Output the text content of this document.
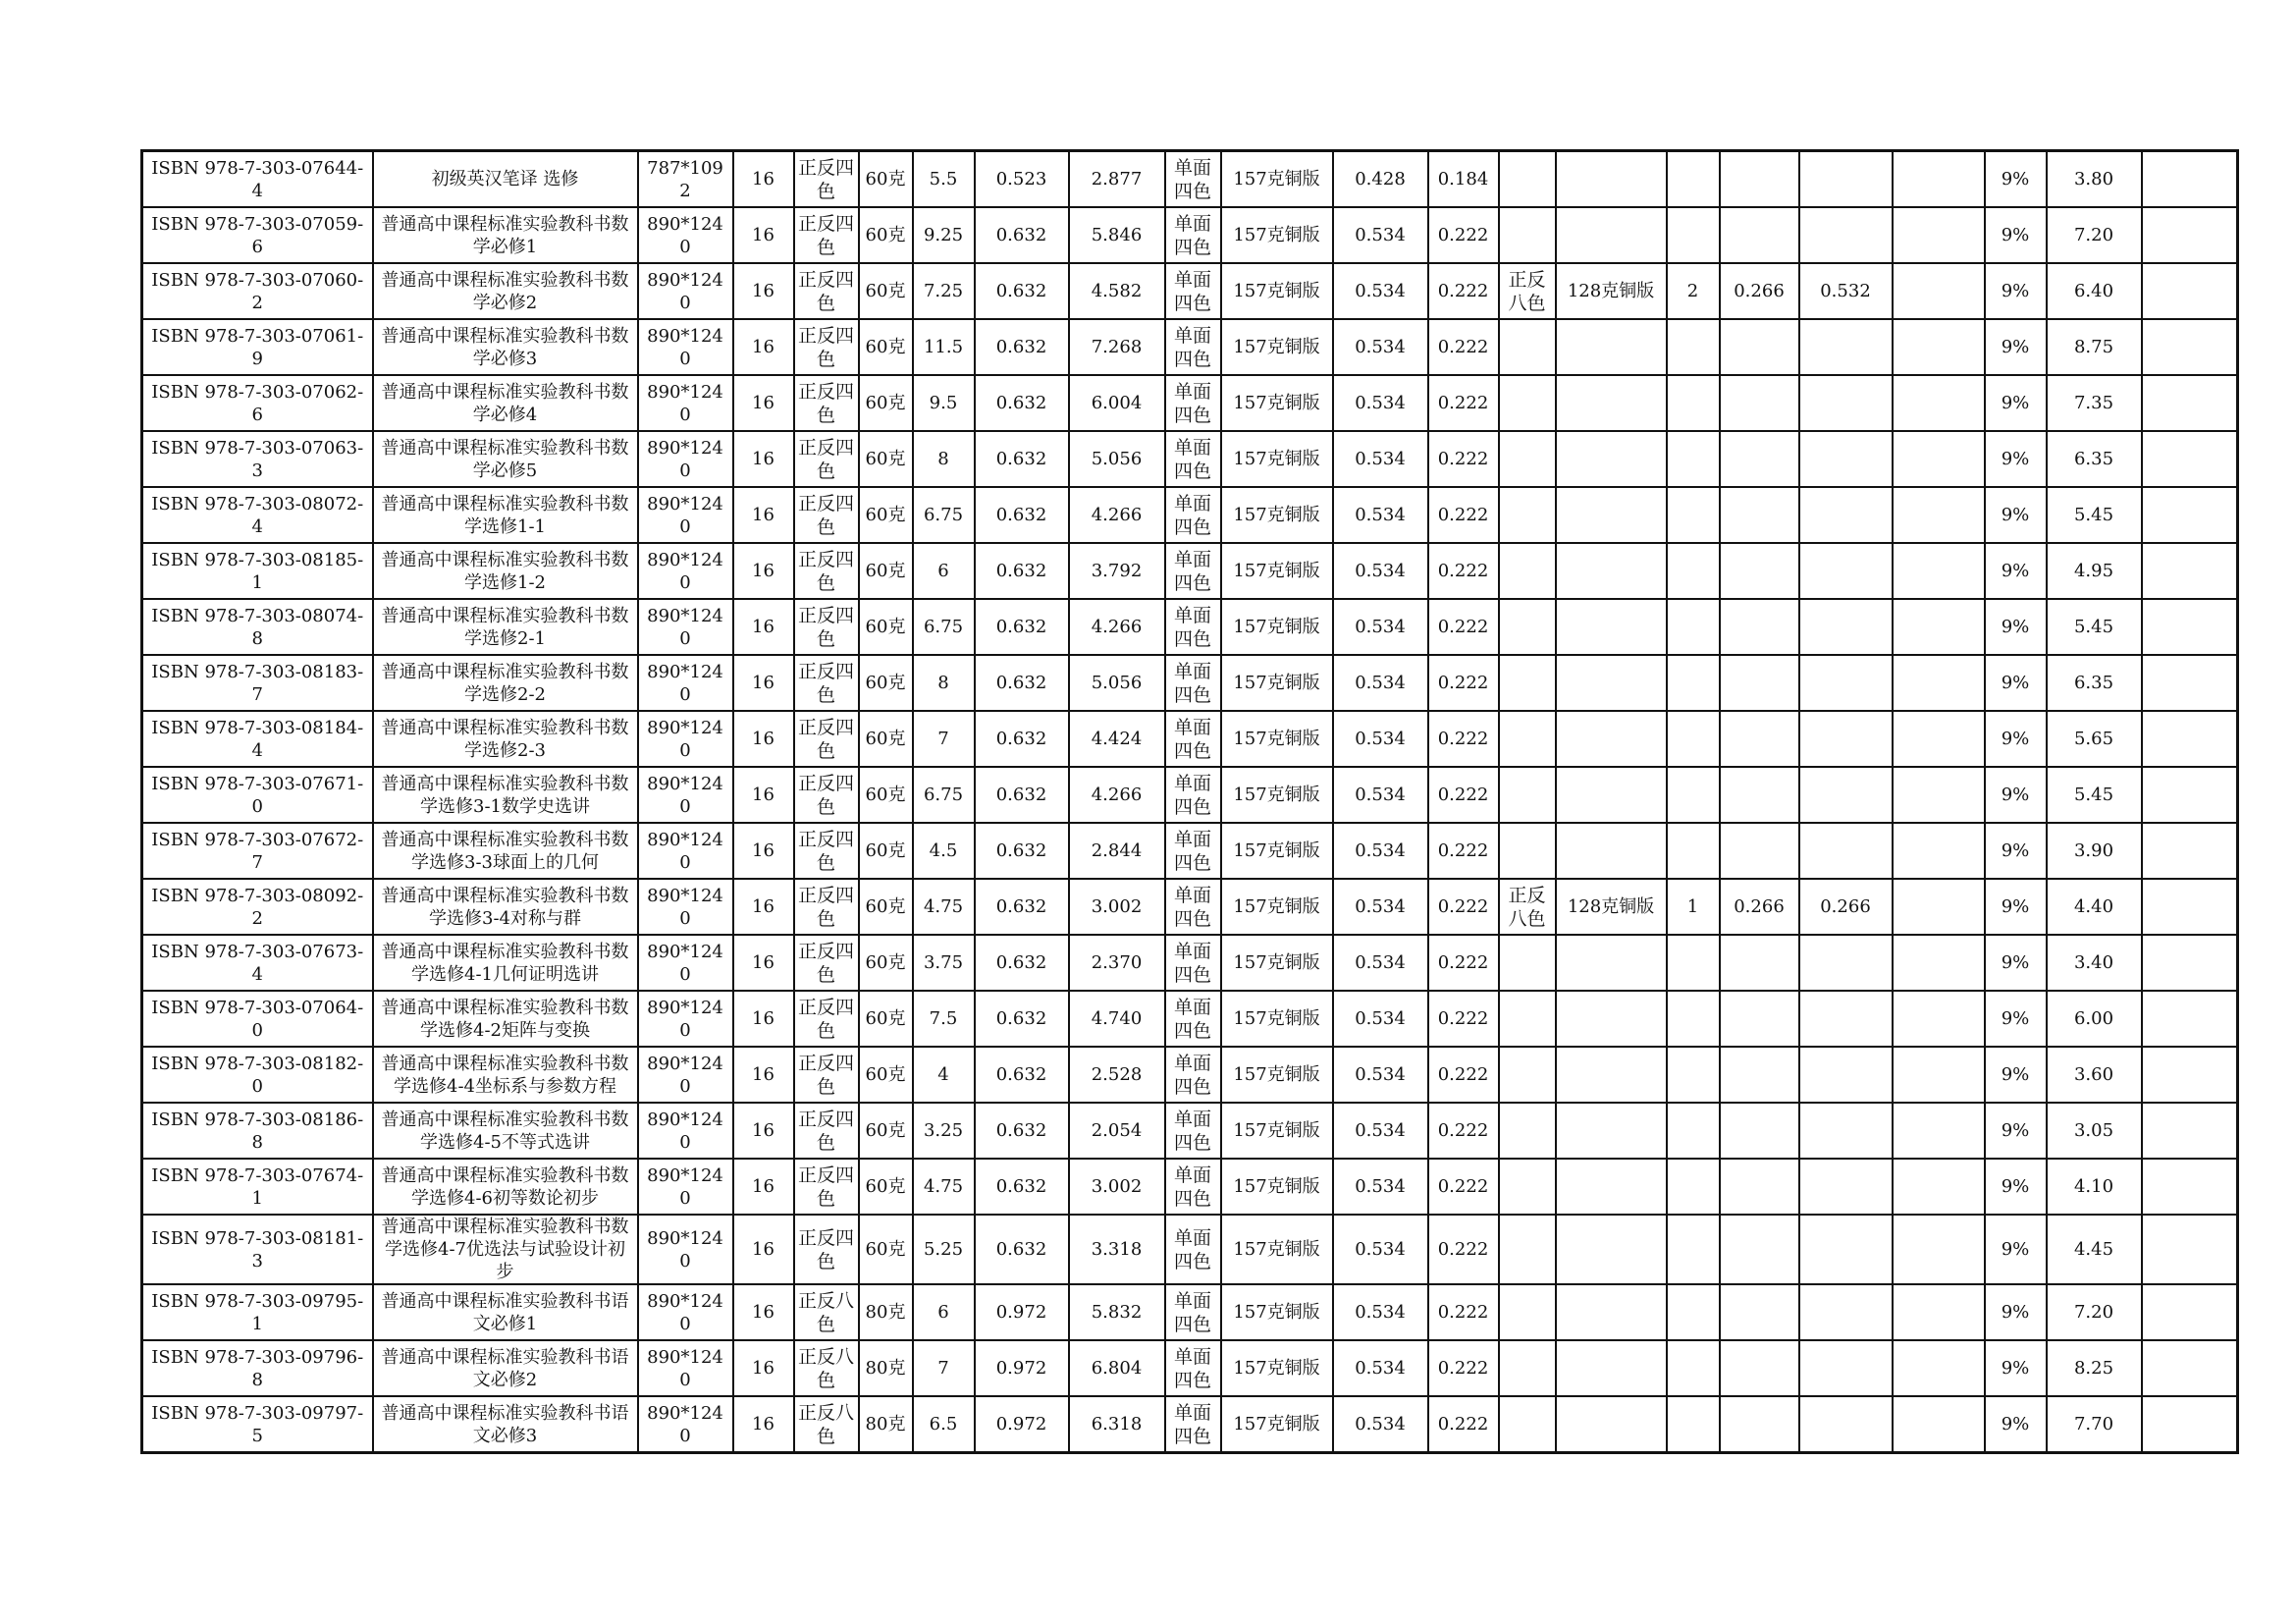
ISBN 978-7-303-07644-4	初级英汉笔译 选修	787*1092	16	正反四色	60克	5.5	0.523	2.877	单面四色	157克铜版	0.428	0.184							9%	3.80	
ISBN 978-7-303-07059-6	普通高中课程标准实验教科书数学必修1	890*1240	16	正反四色	60克	9.25	0.632	5.846	单面四色	157克铜版	0.534	0.222							9%	7.20	
ISBN 978-7-303-07060-2	普通高中课程标准实验教科书数学必修2	890*1240	16	正反四色	60克	7.25	0.632	4.582	单面四色	157克铜版	0.534	0.222	正反八色	128克铜版	2	0.266	0.532		9%	6.40	
ISBN 978-7-303-07061-9	普通高中课程标准实验教科书数学必修3	890*1240	16	正反四色	60克	11.5	0.632	7.268	单面四色	157克铜版	0.534	0.222							9%	8.75	
ISBN 978-7-303-07062-6	普通高中课程标准实验教科书数学必修4	890*1240	16	正反四色	60克	9.5	0.632	6.004	单面四色	157克铜版	0.534	0.222							9%	7.35	
ISBN 978-7-303-07063-3	普通高中课程标准实验教科书数学必修5	890*1240	16	正反四色	60克	8	0.632	5.056	单面四色	157克铜版	0.534	0.222							9%	6.35	
ISBN 978-7-303-08072-4	普通高中课程标准实验教科书数学选修1-1	890*1240	16	正反四色	60克	6.75	0.632	4.266	单面四色	157克铜版	0.534	0.222							9%	5.45	
ISBN 978-7-303-08185-1	普通高中课程标准实验教科书数学选修1-2	890*1240	16	正反四色	60克	6	0.632	3.792	单面四色	157克铜版	0.534	0.222							9%	4.95	
ISBN 978-7-303-08074-8	普通高中课程标准实验教科书数学选修2-1	890*1240	16	正反四色	60克	6.75	0.632	4.266	单面四色	157克铜版	0.534	0.222							9%	5.45	
ISBN 978-7-303-08183-7	普通高中课程标准实验教科书数学选修2-2	890*1240	16	正反四色	60克	8	0.632	5.056	单面四色	157克铜版	0.534	0.222							9%	6.35	
ISBN 978-7-303-08184-4	普通高中课程标准实验教科书数学选修2-3	890*1240	16	正反四色	60克	7	0.632	4.424	单面四色	157克铜版	0.534	0.222							9%	5.65	
ISBN 978-7-303-07671-0	普通高中课程标准实验教科书数学选修3-1数学史选讲	890*1240	16	正反四色	60克	6.75	0.632	4.266	单面四色	157克铜版	0.534	0.222							9%	5.45	
ISBN 978-7-303-07672-7	普通高中课程标准实验教科书数学选修3-3球面上的几何	890*1240	16	正反四色	60克	4.5	0.632	2.844	单面四色	157克铜版	0.534	0.222							9%	3.90	
ISBN 978-7-303-08092-2	普通高中课程标准实验教科书数学选修3-4对称与群	890*1240	16	正反四色	60克	4.75	0.632	3.002	单面四色	157克铜版	0.534	0.222	正反八色	128克铜版	1	0.266	0.266		9%	4.40	
ISBN 978-7-303-07673-4	普通高中课程标准实验教科书数学选修4-1几何证明选讲	890*1240	16	正反四色	60克	3.75	0.632	2.370	单面四色	157克铜版	0.534	0.222							9%	3.40	
ISBN 978-7-303-07064-0	普通高中课程标准实验教科书数学选修4-2矩阵与变换	890*1240	16	正反四色	60克	7.5	0.632	4.740	单面四色	157克铜版	0.534	0.222							9%	6.00	
ISBN 978-7-303-08182-0	普通高中课程标准实验教科书数学选修4-4坐标系与参数方程	890*1240	16	正反四色	60克	4	0.632	2.528	单面四色	157克铜版	0.534	0.222							9%	3.60	
ISBN 978-7-303-08186-8	普通高中课程标准实验教科书数学选修4-5不等式选讲	890*1240	16	正反四色	60克	3.25	0.632	2.054	单面四色	157克铜版	0.534	0.222							9%	3.05	
ISBN 978-7-303-07674-1	普通高中课程标准实验教科书数学选修4-6初等数论初步	890*1240	16	正反四色	60克	4.75	0.632	3.002	单面四色	157克铜版	0.534	0.222							9%	4.10	
ISBN 978-7-303-08181-3	普通高中课程标准实验教科书数学选修4-7优选法与试验设计初步	890*1240	16	正反四色	60克	5.25	0.632	3.318	单面四色	157克铜版	0.534	0.222							9%	4.45	
ISBN 978-7-303-09795-1	普通高中课程标准实验教科书语文必修1	890*1240	16	正反八色	80克	6	0.972	5.832	单面四色	157克铜版	0.534	0.222							9%	7.20	
ISBN 978-7-303-09796-8	普通高中课程标准实验教科书语文必修2	890*1240	16	正反八色	80克	7	0.972	6.804	单面四色	157克铜版	0.534	0.222							9%	8.25	
ISBN 978-7-303-09797-5	普通高中课程标准实验教科书语文必修3	890*1240	16	正反八色	80克	6.5	0.972	6.318	单面四色	157克铜版	0.534	0.222							9%	7.70	
